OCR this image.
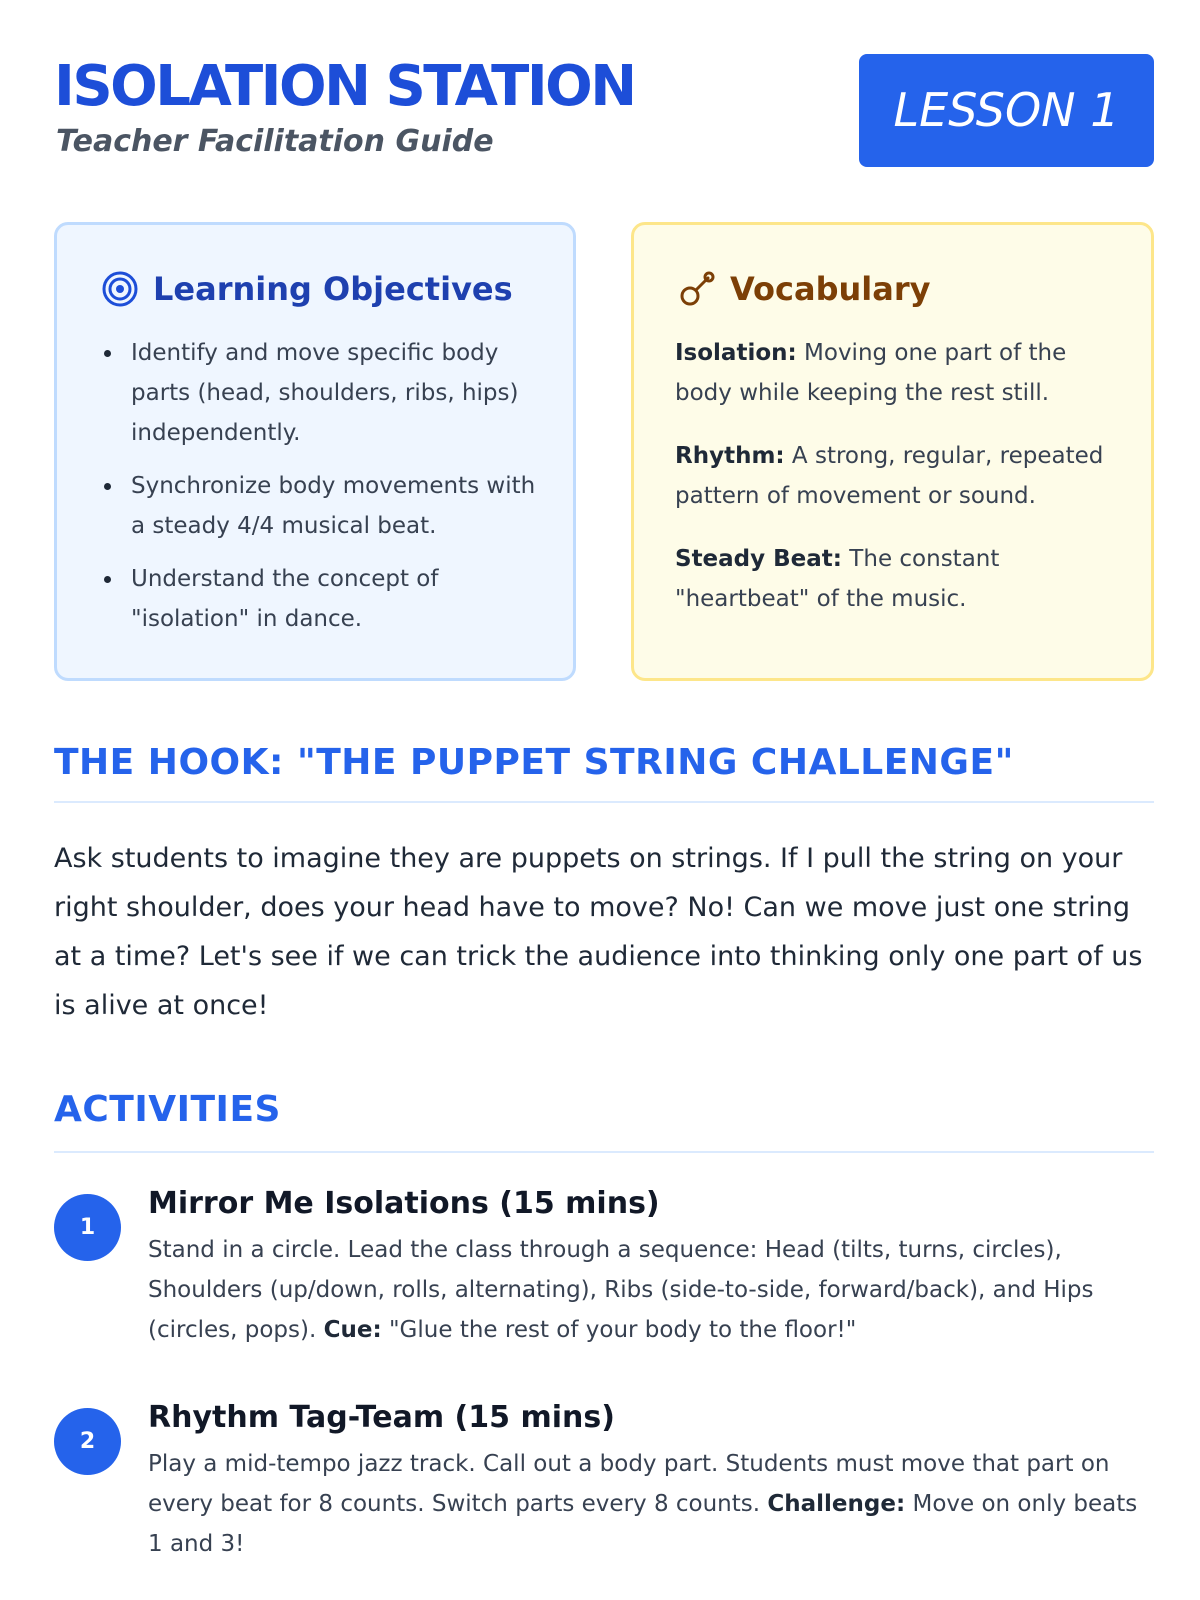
ISOLATION STATION
Teacher Facilitation Guide
LESSON 1
Learning Objectives
Identify and move specific body parts (head, shoulders, ribs, hips) independently.
Synchronize body movements with a steady 4/4 musical beat.
Understand the concept of "isolation" in dance.
Vocabulary

Isolation: Moving one part of the body while keeping the rest still.

Rhythm: A strong, regular, repeated pattern of movement or sound.

Steady Beat: The constant "heartbeat" of the music.

THE HOOK: "THE PUPPET STRING CHALLENGE"

Ask students to imagine they are puppets on strings. If I pull the string on your right shoulder, does your head have to move? No! Can we move just one string at a time? Let's see if we can trick the audience into thinking only one part of us is alive at once!

ACTIVITIES
1
Mirror Me Isolations (15 mins)

Stand in a circle. Lead the class through a sequence: Head (tilts, turns, circles), Shoulders (up/down, rolls, alternating), Ribs (side-to-side, forward/back), and Hips (circles, pops). Cue: "Glue the rest of your body to the floor!"

2
Rhythm Tag-Team (15 mins)

Play a mid-tempo jazz track. Call out a body part. Students must move that part on every beat for 8 counts. Switch parts every 8 counts. Challenge: Move on only beats 1 and 3!
